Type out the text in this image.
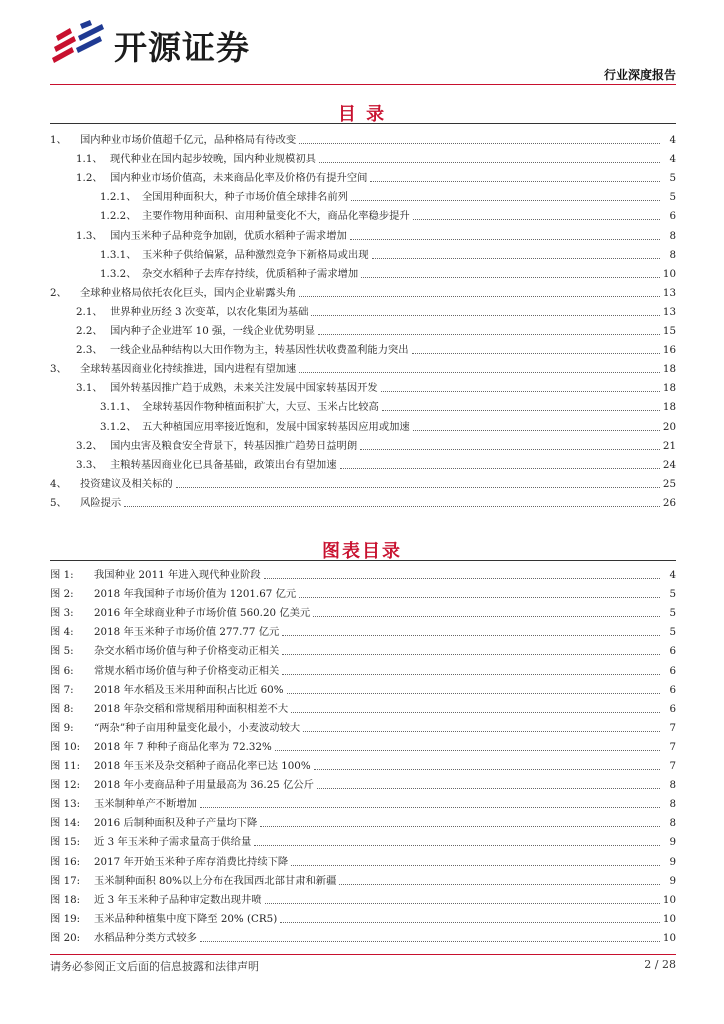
开源证券
行业深度报告
目 录
1、	国内种业市场价值超千亿元，品种格局有待改变	4
1.1、 现代种业在国内起步较晚，国内种业规模初具	4
1.2、 国内种业市场价值高，未来商品化率及价格仍有提升空间	5
1.2.1、 全国用种面积大，种子市场价值全球排名前列	5
1.2.2、 主要作物用种面积、亩用种量变化不大，商品化率稳步提升	6
1.3、 国内玉米种子品种竞争加剧，优质水稻种子需求增加	8
1.3.1、 玉米种子供给偏紧，品种激烈竞争下新格局或出现	8
1.3.2、 杂交水稻种子去库存持续，优质稻种子需求增加	10
2、	全球种业格局依托农化巨头，国内企业崭露头角	13
2.1、 世界种业历经 3 次变革，以农化集团为基础	13
2.2、 国内种子企业进军 10 强，一线企业优势明显	15
2.3、 一线企业品种结构以大田作物为主，转基因性状收费盈利能力突出	16
3、	全球转基因商业化持续推进，国内进程有望加速	18
3.1、 国外转基因推广趋于成熟，未来关注发展中国家转基因开发	18
3.1.1、 全球转基因作物种植面积扩大，大豆、玉米占比较高	18
3.1.2、 五大种植国应用率接近饱和，发展中国家转基因应用或加速	20
3.2、 国内虫害及粮食安全背景下，转基因推广趋势日益明朗	21
3.3、 主粮转基因商业化已具备基础，政策出台有望加速	24
4、	投资建议及相关标的	25
5、	风险提示	26
图表目录
图 1:	我国种业 2011 年进入现代种业阶段	4
图 2:	2018 年我国种子市场价值为 1201.67 亿元	5
图 3:	2016 年全球商业种子市场价值 560.20 亿美元	5
图 4:	2018 年玉米种子市场价值 277.77 亿元	5
图 5:	杂交水稻市场价值与种子价格变动正相关	6
图 6:	常规水稻市场价值与种子价格变动正相关	6
图 7:	2018 年水稻及玉米用种面积占比近 60%	6
图 8:	2018 年杂交稻和常规稻用种面积相差不大	6
图 9:	“两杂”种子亩用种量变化最小，小麦波动较大	7
图 10:	2018 年 7 种种子商品化率为 72.32%	7
图 11:	2018 年玉米及杂交稻种子商品化率已达 100%	7
图 12:	2018 年小麦商品种子用量最高为 36.25 亿公斤	8
图 13:	玉米制种单产不断增加	8
图 14:	2016 后制种面积及种子产量均下降	8
图 15:	近 3 年玉米种子需求量高于供给量	9
图 16:	2017 年开始玉米种子库存消费比持续下降	9
图 17:	玉米制种面积 80%以上分布在我国西北部甘肃和新疆	9
图 18:	近 3 年玉米种子品种审定数出现井喷	10
图 19:	玉米品种种植集中度下降至 20% (CR5)	10
图 20:	水稻品种分类方式较多	10
请务必参阅正文后面的信息披露和法律声明	2 / 28
